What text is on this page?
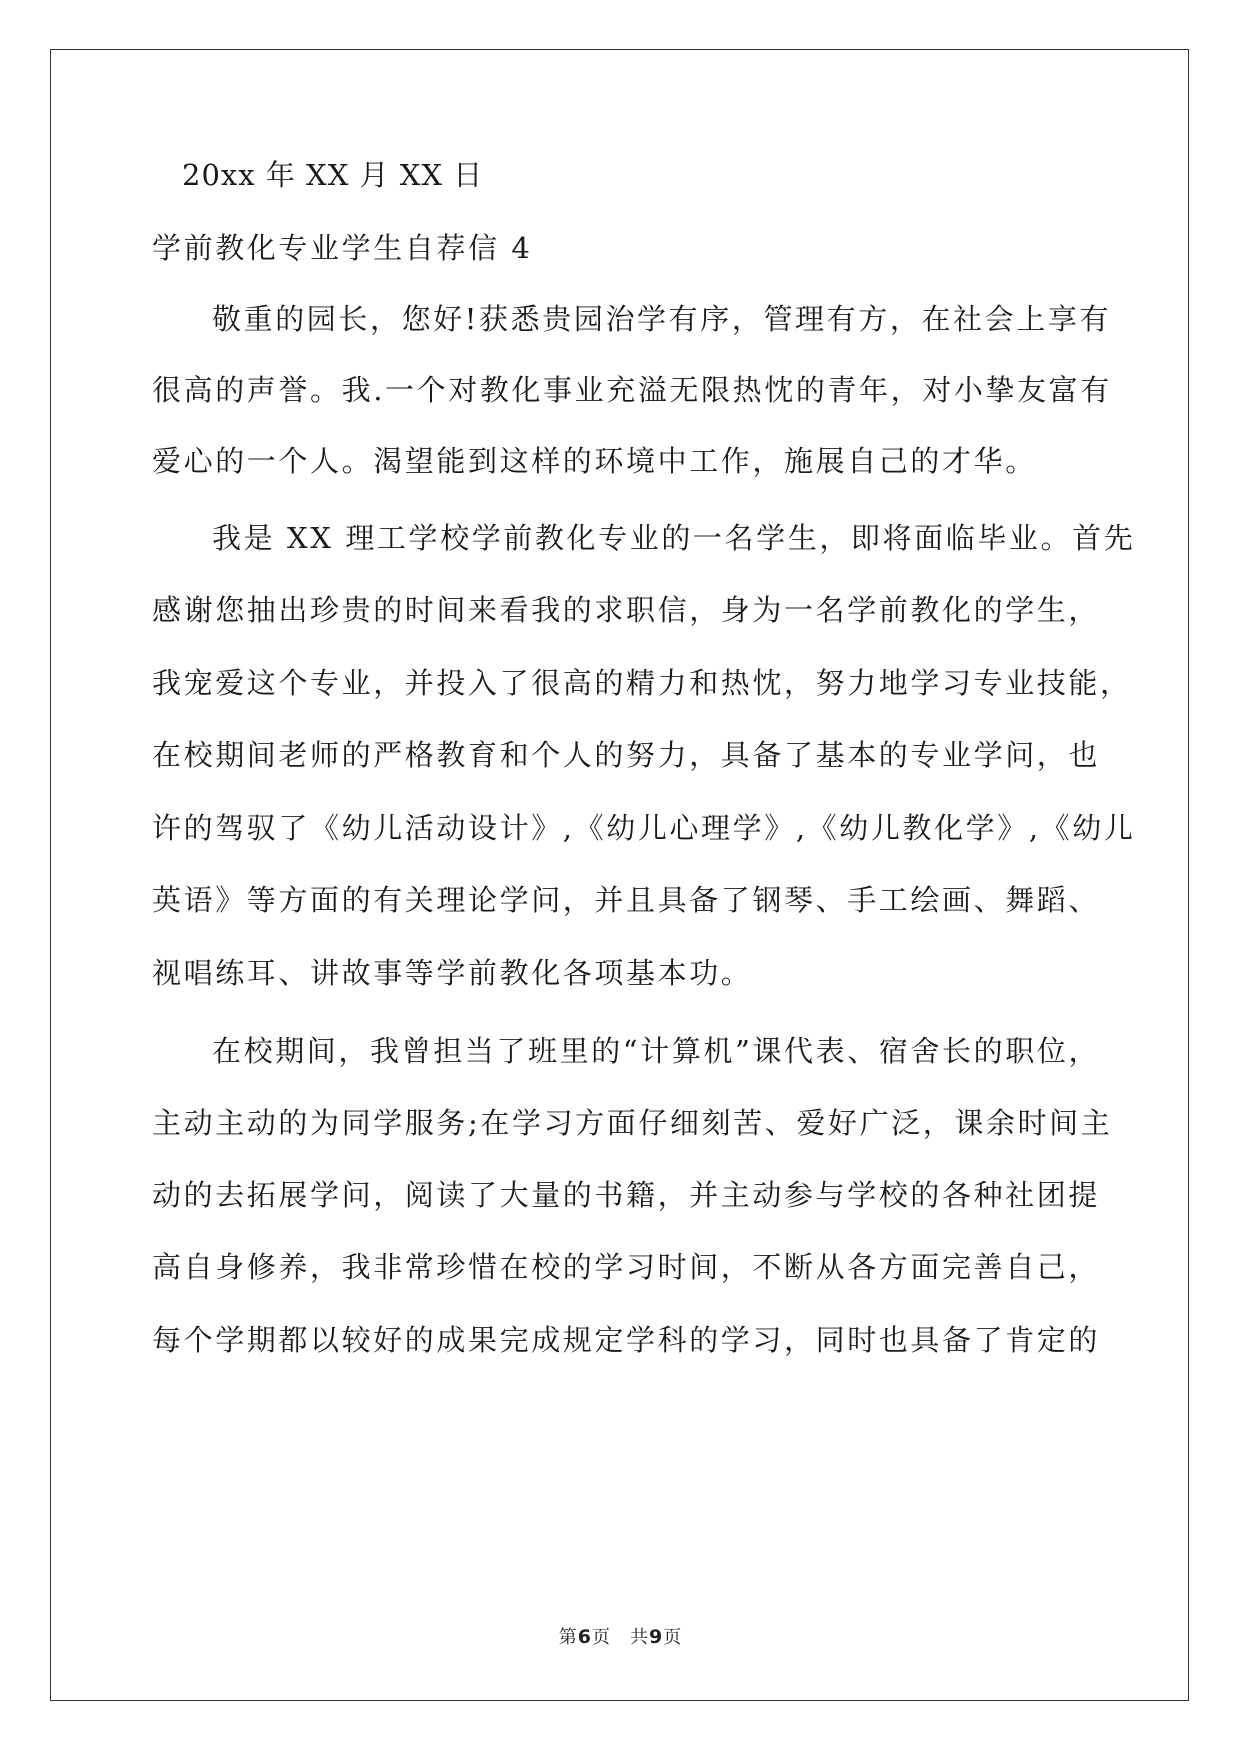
20xx 年 XX 月 XX 日
学前教化专业学生自荐信 4
敬重的园长，您好!获悉贵园治学有序，管理有方，在社会上享有
很高的声誉。我.一个对教化事业充溢无限热忱的青年，对小挚友富有
爱心的一个人。渴望能到这样的环境中工作，施展自己的才华。
我是 XX 理工学校学前教化专业的一名学生，即将面临毕业。首先
感谢您抽出珍贵的时间来看我的求职信，身为一名学前教化的学生，
我宠爱这个专业，并投入了很高的精力和热忱，努力地学习专业技能，
在校期间老师的严格教育和个人的努力，具备了基本的专业学问，也
许的驾驭了《幼儿活动设计》,《幼儿心理学》,《幼儿教化学》,《幼儿
英语》等方面的有关理论学问，并且具备了钢琴、手工绘画、舞蹈、
视唱练耳、讲故事等学前教化各项基本功。
在校期间，我曾担当了班里的“计算机”课代表、宿舍长的职位，
主动主动的为同学服务;在学习方面仔细刻苦、爱好广泛，课余时间主
动的去拓展学问，阅读了大量的书籍，并主动参与学校的各种社团提
高自身修养，我非常珍惜在校的学习时间，不断从各方面完善自己，
每个学期都以较好的成果完成规定学科的学习，同时也具备了肯定的
第6页　共9页
